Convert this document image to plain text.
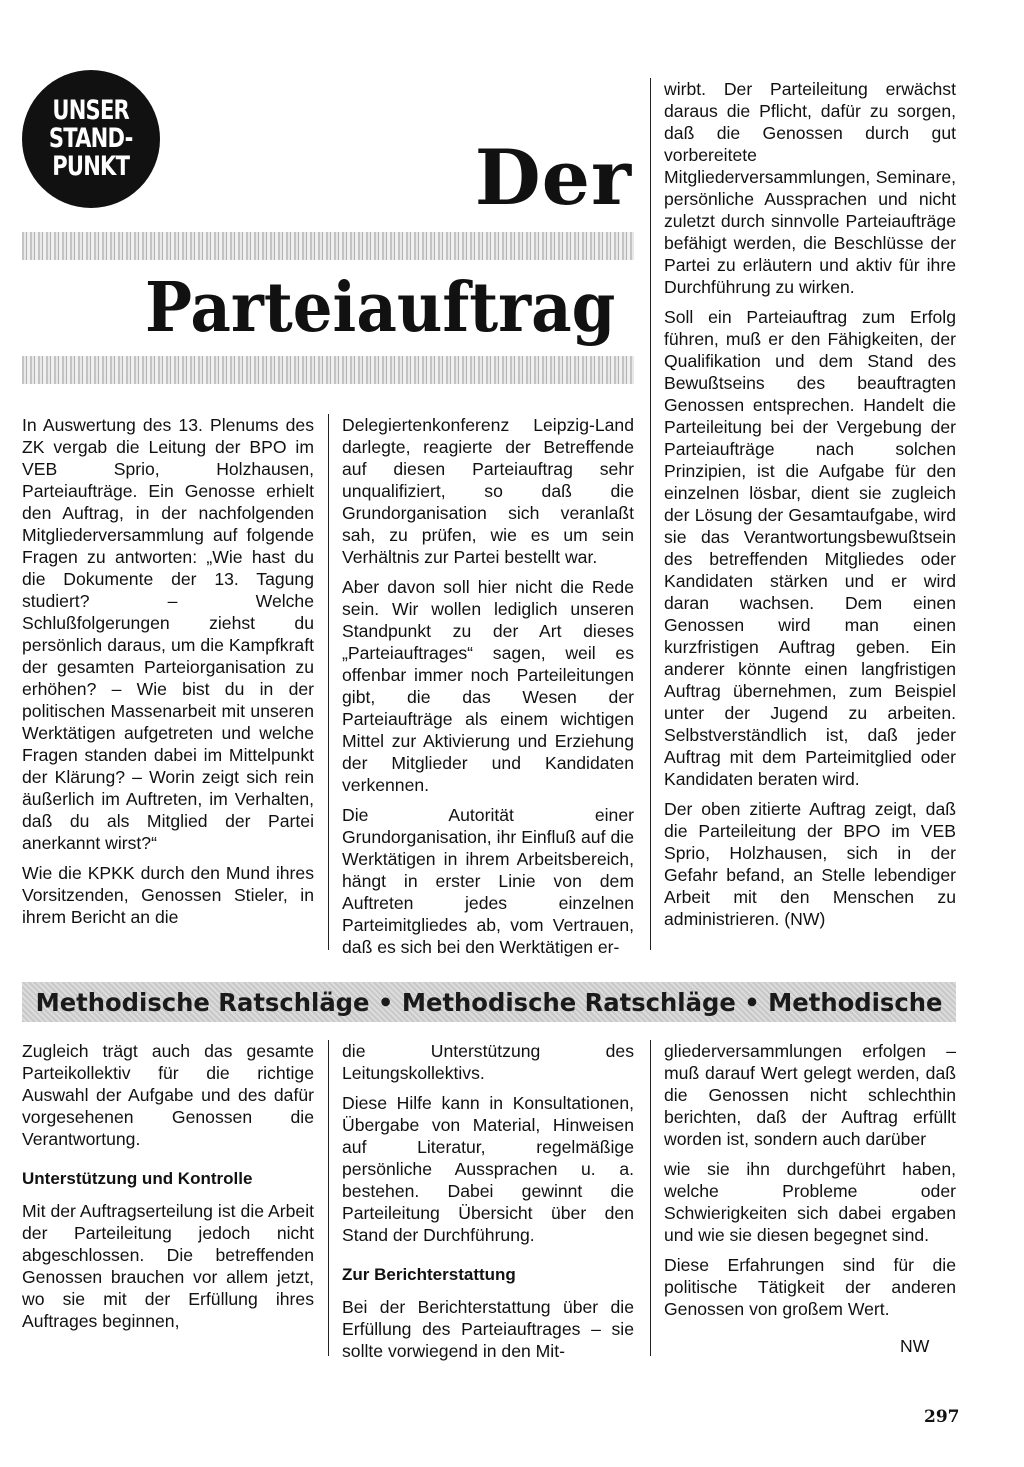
UNSER
STAND-
PUNKT	Der
Parteiauftrag

In Auswertung des 13. Plenums des ZK vergab die Leitung der BPO im VEB Sprio, Holzhausen, Parteiaufträge. Ein Genosse erhielt den Auftrag, in der nachfolgenden Mitgliederversammlung auf folgende Fragen zu antworten: „Wie hast du die Dokumente der 13. Tagung studiert? – Welche Schlußfolgerungen ziehst du persönlich daraus, um die Kampfkraft der gesamten Parteiorganisation zu erhöhen? – Wie bist du in der politischen Massenarbeit mit unseren Werktätigen aufgetreten und welche Fragen standen dabei im Mittelpunkt der Klärung? – Worin zeigt sich rein äußerlich im Auftreten, im Verhalten, daß du als Mitglied der Partei anerkannt wirst?“

Wie die KPKK durch den Mund ihres Vorsitzenden, Genossen Stieler, in ihrem Bericht an die

Delegiertenkonferenz Leipzig-Land darlegte, reagierte der Betreffende auf diesen Parteiauftrag sehr unqualifiziert, so daß die Grundorganisation sich veranlaßt sah, zu prüfen, wie es um sein Verhältnis zur Partei bestellt war.

Aber davon soll hier nicht die Rede sein. Wir wollen lediglich unseren Standpunkt zu der Art dieses „Parteiauftrages“ sagen, weil es offenbar immer noch Parteileitungen gibt, die das Wesen der Parteiaufträge als einem wichtigen Mittel zur Aktivierung und Erziehung der Mitglieder und Kandidaten verkennen.

Die Autorität einer Grundorganisation, ihr Einfluß auf die Werktätigen in ihrem Arbeitsbereich, hängt in erster Linie von dem Auftreten jedes einzelnen Parteimitgliedes ab, vom Vertrauen, daß es sich bei den Werktätigen er-

wirbt. Der Parteileitung erwächst daraus die Pflicht, dafür zu sorgen, daß die Genossen durch gut vorbereitete Mitgliederversammlungen, Seminare, persönliche Aussprachen und nicht zuletzt durch sinnvolle Parteiaufträge befähigt werden, die Beschlüsse der Partei zu erläutern und aktiv für ihre Durchführung zu wirken.

Soll ein Parteiauftrag zum Erfolg führen, muß er den Fähigkeiten, der Qualifikation und dem Stand des Bewußtseins des beauftragten Genossen entsprechen. Handelt die Parteileitung bei der Vergebung der Parteiaufträge nach solchen Prinzipien, ist die Aufgabe für den einzelnen lösbar, dient sie zugleich der Lösung der Gesamtaufgabe, wird sie das Verantwortungsbewußtsein des betreffenden Mitgliedes oder Kandidaten stärken und er wird daran wachsen. Dem einen Genossen wird man einen kurzfristigen Auftrag geben. Ein anderer könnte einen langfristigen Auftrag übernehmen, zum Beispiel unter der Jugend zu arbeiten. Selbstverständlich ist, daß jeder Auftrag mit dem Parteimitglied oder Kandidaten beraten wird.

Der oben zitierte Auftrag zeigt, daß die Parteileitung der BPO im VEB Sprio, Holzhausen, sich in der Gefahr befand, an Stelle lebendiger Arbeit mit den Menschen zu administrieren. (NW)

Methodische Ratschläge • Methodische Ratschläge • Methodische

Zugleich trägt auch das gesamte Parteikollektiv für die richtige Auswahl der Aufgabe und des dafür vorgesehenen Genossen die Verantwortung.

Unterstützung und Kontrolle

Mit der Auftragserteilung ist die Arbeit der Parteileitung jedoch nicht abgeschlossen. Die betreffenden Genossen brauchen vor allem jetzt, wo sie mit der Erfüllung ihres Auftrages beginnen,

die Unterstützung des Leitungskollektivs.

Diese Hilfe kann in Konsultationen, Übergabe von Material, Hinweisen auf Literatur, regelmäßige persönliche Aussprachen u. a. bestehen. Dabei gewinnt die Parteileitung Übersicht über den Stand der Durchführung.

Zur Berichterstattung

Bei der Berichterstattung über die Erfüllung des Parteiauftrages – sie sollte vorwiegend in den Mit-

gliederversammlungen erfolgen – muß darauf Wert gelegt werden, daß die Genossen nicht schlechthin berichten, daß der Auftrag erfüllt worden ist, sondern auch darüber

wie sie ihn durchgeführt haben, welche Probleme oder Schwierigkeiten sich dabei ergaben und wie sie diesen begegnet sind.

Diese Erfahrungen sind für die politische Tätigkeit der anderen Genossen von großem Wert.

NW
297
